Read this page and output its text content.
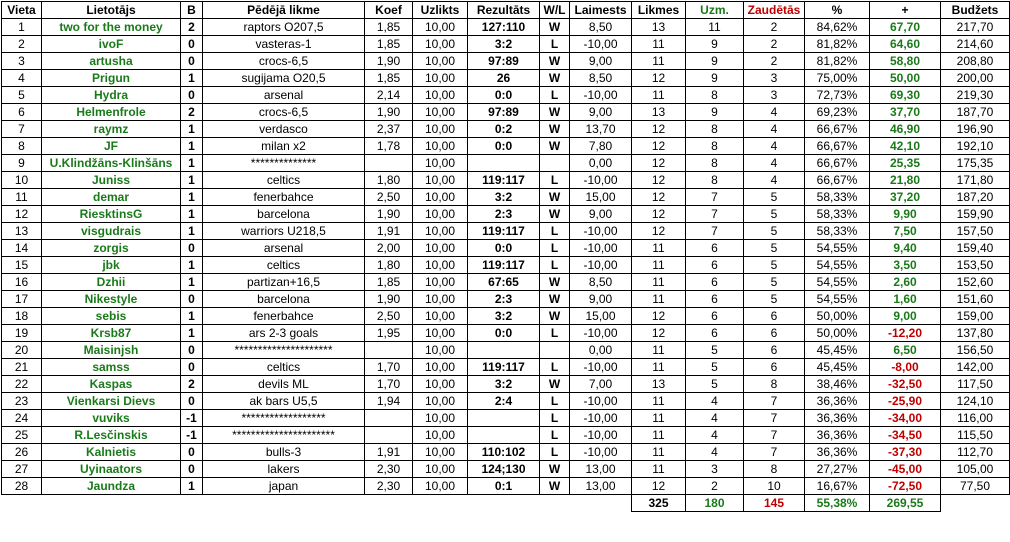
Vieta	Lietotājs	B	Pēdējā likme	Koef	Uzlikts	Rezultāts	W/L	Laimests	Likmes	Uzm.	Zaudētās	%	+	Budžets
1	two for the money	2	raptors O207,5	1,85	10,00	127:110	W	8,50	13	11	2	84,62%	67,70	217,70
2	ivoF	0	vasteras-1	1,85	10,00	3:2	L	-10,00	11	9	2	81,82%	64,60	214,60
3	artusha	0	crocs-6,5	1,90	10,00	97:89	W	9,00	11	9	2	81,82%	58,80	208,80
4	Prigun	1	sugijama O20,5	1,85	10,00	26	W	8,50	12	9	3	75,00%	50,00	200,00
5	Hydra	0	arsenal	2,14	10,00	0:0	L	-10,00	11	8	3	72,73%	69,30	219,30
6	Helmenfrole	2	crocs-6,5	1,90	10,00	97:89	W	9,00	13	9	4	69,23%	37,70	187,70
7	raymz	1	verdasco	2,37	10,00	0:2	W	13,70	12	8	4	66,67%	46,90	196,90
8	JF	1	milan x2	1,78	10,00	0:0	W	7,80	12	8	4	66,67%	42,10	192,10
9	U.Klindžāns-Klinšāns	1	**************		10,00			0,00	12	8	4	66,67%	25,35	175,35
10	Juniss	1	celtics	1,80	10,00	119:117	L	-10,00	12	8	4	66,67%	21,80	171,80
11	demar	1	fenerbahce	2,50	10,00	3:2	W	15,00	12	7	5	58,33%	37,20	187,20
12	RiesktinsG	1	barcelona	1,90	10,00	2:3	W	9,00	12	7	5	58,33%	9,90	159,90
13	visgudrais	1	warriors U218,5	1,91	10,00	119:117	L	-10,00	12	7	5	58,33%	7,50	157,50
14	zorgis	0	arsenal	2,00	10,00	0:0	L	-10,00	11	6	5	54,55%	9,40	159,40
15	jbk	1	celtics	1,80	10,00	119:117	L	-10,00	11	6	5	54,55%	3,50	153,50
16	Dzhii	1	partizan+16,5	1,85	10,00	67:65	W	8,50	11	6	5	54,55%	2,60	152,60
17	Nikestyle	0	barcelona	1,90	10,00	2:3	W	9,00	11	6	5	54,55%	1,60	151,60
18	sebis	1	fenerbahce	2,50	10,00	3:2	W	15,00	12	6	6	50,00%	9,00	159,00
19	Krsb87	1	ars 2-3 goals	1,95	10,00	0:0	L	-10,00	12	6	6	50,00%	-12,20	137,80
20	Maisinjsh	0	*********************		10,00			0,00	11	5	6	45,45%	6,50	156,50
21	samss	0	celtics	1,70	10,00	119:117	L	-10,00	11	5	6	45,45%	-8,00	142,00
22	Kaspas	2	devils ML	1,70	10,00	3:2	W	7,00	13	5	8	38,46%	-32,50	117,50
23	Vienkarsi Dievs	0	ak bars U5,5	1,94	10,00	2:4	L	-10,00	11	4	7	36,36%	-25,90	124,10
24	vuviks	-1	******************		10,00		L	-10,00	11	4	7	36,36%	-34,00	116,00
25	R.Lesčinskis	-1	**********************		10,00		L	-10,00	11	4	7	36,36%	-34,50	115,50
26	Kalnietis	0	bulls-3	1,91	10,00	110:102	L	-10,00	11	4	7	36,36%	-37,30	112,70
27	Uyinaators	0	lakers	2,30	10,00	124;130	W	13,00	11	3	8	27,27%	-45,00	105,00
28	Jaundza	1	japan	2,30	10,00	0:1	W	13,00	12	2	10	16,67%	-72,50	77,50
									325	180	145	55,38%	269,55	
